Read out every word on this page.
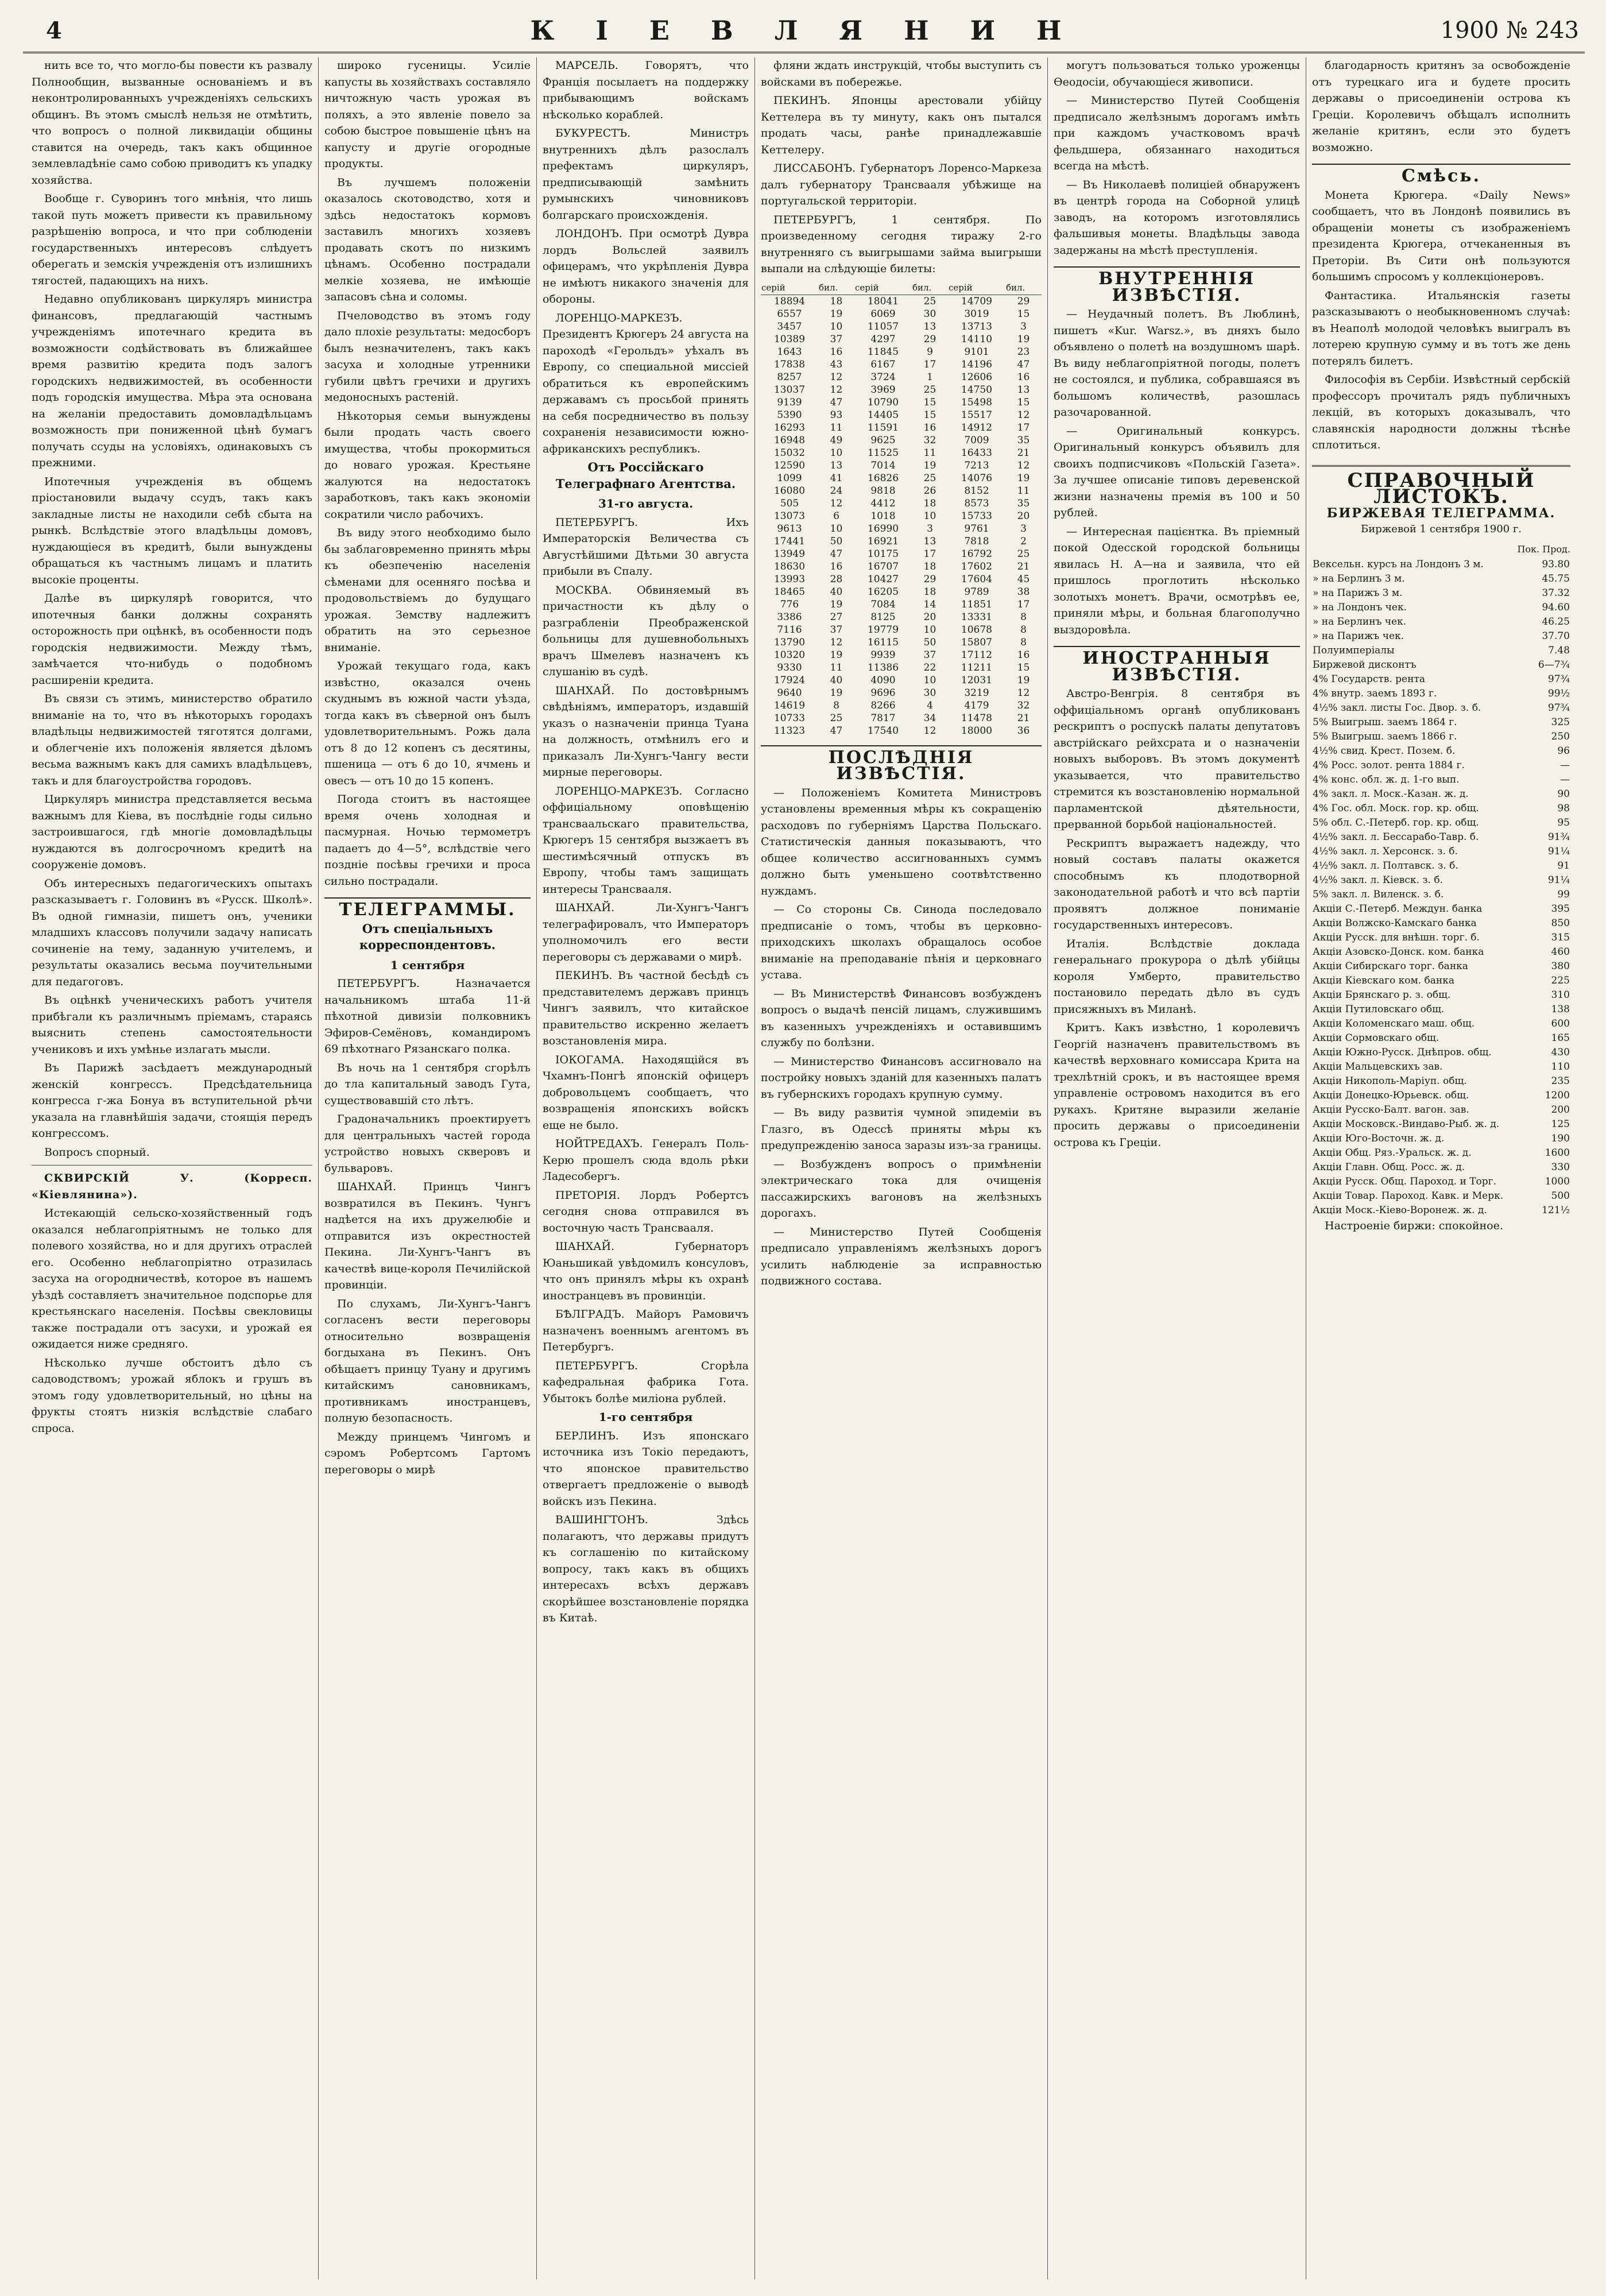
4	К І Е В Л Я Н И Н	1900 № 243

нить все то, что могло-бы повести къ развалу Полнообщин, вызванные основаніемъ и въ неконтролированныхъ учрежденіяхъ сельскихъ общинъ. Въ этомъ смыслѣ нельзя не отмѣтить, что вопросъ о полной ликвидаціи общины ставится на очередь, такъ какъ общинное землевладѣніе само собою приводитъ къ упадку хозяйства.

Вообще г. Суворинъ того мнѣнія, что лишь такой путь можетъ привести къ правильному разрѣшенію вопроса, и что при соблюденіи государственныхъ интересовъ слѣдуетъ оберегать и земскія учрежденія отъ излишнихъ тягостей, падающихъ на нихъ.

Недавно опубликованъ циркуляръ министра финансовъ, предлагающій частнымъ учрежденіямъ ипотечнаго кредита въ возможности содѣйствовать въ ближайшее время развитію кредита подъ залогъ городскихъ недвижимостей, въ особенности подъ городскія имущества. Мѣра эта основана на желаніи предоставить домовладѣльцамъ возможность при пониженной цѣнѣ бумагъ получать ссуды на условіяхъ, одинаковыхъ съ прежними.

Ипотечныя учрежденія въ общемъ пріостановили выдачу ссудъ, такъ какъ закладные листы не находили себѣ сбыта на рынкѣ. Вслѣдствіе этого владѣльцы домовъ, нуждающіеся въ кредитѣ, были вынуждены обращаться къ частнымъ лицамъ и платить высокіе проценты.

Далѣе въ циркулярѣ говорится, что ипотечныя банки должны сохранять осторожность при оцѣнкѣ, въ особенности подъ городскія недвижимости. Между тѣмъ, замѣчается что-нибудь о подобномъ расширеніи кредита.

Въ связи съ этимъ, министерство обратило вниманіе на то, что въ нѣкоторыхъ городахъ владѣльцы недвижимостей тяготятся долгами, и облегченіе ихъ положенія является дѣломъ весьма важнымъ какъ для самихъ владѣльцевъ, такъ и для благоустройства городовъ.

Циркуляръ министра представляется весьма важнымъ для Кіева, въ послѣдніе годы сильно застроившагося, гдѣ многіе домовладѣльцы нуждаются въ долгосрочномъ кредитѣ на сооруженіе домовъ.

Объ интересныхъ педагогическихъ опытахъ разсказываетъ г. Головинъ въ «Русск. Школѣ». Въ одной гимназіи, пишетъ онъ, ученики младшихъ классовъ получили задачу написать сочиненіе на тему, заданную учителемъ, и результаты оказались весьма поучительными для педагоговъ.

Въ оцѣнкѣ ученическихъ работъ учителя прибѣгали къ различнымъ пріемамъ, стараясь выяснить степень самостоятельности учениковъ и ихъ умѣнье излагать мысли.

Въ Парижѣ засѣдаетъ международный женскій конгрессъ. Предсѣдательница конгресса г-жа Бонуа въ вступительной рѣчи указала на главнѣйшія задачи, стоящія передъ конгрессомъ.

Вопросъ спорный.

СКВИРСКІЙ У. (Корресп. «Кіевлянина»).

Истекающій сельско-хозяйственный годъ оказался неблагопріятнымъ не только для полевого хозяйства, но и для другихъ отраслей его. Особенно неблагопріятно отразилась засуха на огородничествѣ, которое въ нашемъ уѣздѣ составляетъ значительное подспорье для крестьянскаго населенія. Посѣвы свекловицы также пострадали отъ засухи, и урожай ея ожидается ниже средняго.

Нѣсколько лучше обстоитъ дѣло съ садоводствомъ; урожай яблокъ и грушъ въ этомъ году удовлетворительный, но цѣны на фрукты стоятъ низкія вслѣдствіе слабаго спроса.

широко гусеницы. Усиліе капусты вь хозяйствахъ составляло ничтожную часть урожая въ поляхъ, а это явленіе повело за собою быстрое повышеніе цѣнъ на капусту и другіе огородные продукты.

Въ лучшемъ положеніи оказалось скотоводство, хотя и здѣсь недостатокъ кормовъ заставилъ многихъ хозяевъ продавать скотъ по низкимъ цѣнамъ. Особенно пострадали мелкіе хозяева, не имѣющіе запасовъ сѣна и соломы.

Пчеловодство въ этомъ году дало плохіе результаты: медосборъ былъ незначителенъ, такъ какъ засуха и холодные утренники губили цвѣтъ гречихи и другихъ медоносныхъ растеній.

Нѣкоторыя семьи вынуждены были продать часть своего имущества, чтобы прокормиться до новаго урожая. Крестьяне жалуются на недостатокъ заработковъ, такъ какъ экономіи сократили число рабочихъ.

Въ виду этого необходимо было бы заблаговременно принять мѣры къ обезпеченію населенія сѣменами для осенняго посѣва и продовольствіемъ до будущаго урожая. Земству надлежитъ обратить на это серьезное вниманіе.

Урожай текущаго года, какъ извѣстно, оказался очень скуднымъ въ южной части уѣзда, тогда какъ въ сѣверной онъ былъ удовлетворительнымъ. Рожь дала отъ 8 до 12 копенъ съ десятины, пшеница — отъ 6 до 10, ячмень и овесъ — отъ 10 до 15 копенъ.

Погода стоитъ въ настоящее время очень холодная и пасмурная. Ночью термометръ падаетъ до 4—5°, вслѣдствіе чего поздніе посѣвы гречихи и проса сильно пострадали.

ТЕЛЕГРАММЫ.
Отъ спеціальныхъ корреспондентовъ.
1 сентября

ПЕТЕРБУРГЪ. Назначается начальникомъ штаба 11-й пѣхотной дивизіи полковникъ Эфиров-Семёновъ, командиромъ 69 пѣхотнаго Рязанскаго полка.

Въ ночь на 1 сентября сгорѣлъ до тла капитальный заводъ Гута, существовавшій сто лѣтъ.

Градоначальникъ проектируетъ для центральныхъ частей города устройство новыхъ скверовъ и бульваровъ.

ШАНХАЙ. Принцъ Чингъ возвратился въ Пекинъ. Чунгъ надѣется на ихъ дружелюбіе и отправится изъ окрестностей Пекина. Ли-Хунгъ-Чангъ въ качествѣ вице-короля Печилійской провинціи.

По слухамъ, Ли-Хунгъ-Чангъ согласенъ вести переговоры относительно возвращенія богдыхана въ Пекинъ. Онъ обѣщаетъ принцу Туану и другимъ китайскимъ сановникамъ, противникамъ иностранцевъ, полную безопасность.

Между принцемъ Чингомъ и сэромъ Робертсомъ Гартомъ переговоры о мирѣ

МАРСЕЛЬ. Говорятъ, что Франція посылаетъ на поддержку прибывающимъ войскамъ нѣсколько кораблей.

БУКУРЕСТЪ. Министръ внутреннихъ дѣлъ разослалъ префектамъ циркуляръ, предписывающій замѣнить румынскихъ чиновниковъ болгарскаго происхожденія.

ЛОНДОНЪ. При осмотрѣ Дувра лордъ Вольслей заявилъ офицерамъ, что укрѣпленія Дувра не имѣютъ никакого значенія для обороны.

ЛОРЕНЦО-МАРКЕЗЪ. Президентъ Крюгеръ 24 августа на пароходѣ «Герольдъ» уѣхалъ въ Европу, со специальной миссіей обратиться къ европейскимъ державамъ съ просьбой принять на себя посредничество въ пользу сохраненія независимости южно-африканскихъ республикъ.

Отъ Россійскаго Телеграфнаго Агентства.
31-го августа.

ПЕТЕРБУРГЪ. Ихъ Императорскія Величества съ Августѣйшими Дѣтьми 30 августа прибыли въ Спалу.

МОСКВА. Обвиняемый въ причастности къ дѣлу о разграбленіи Преображенской больницы для душевнобольныхъ врачъ Шмелевъ назначенъ къ слушанію въ судѣ.

ШАНХАЙ. По достовѣрнымъ свѣдѣніямъ, императоръ, издавшій указъ о назначеніи принца Туана на должность, отмѣнилъ его и приказалъ Ли-Хунгъ-Чангу вести мирные переговоры.

ЛОРЕНЦО-МАРКЕЗЪ. Согласно оффиціальному оповѣщенію трансваальскаго правительства, Крюгеръ 15 сентября вызжаетъ въ шестимѣсячный отпускъ въ Европу, чтобы тамъ защищать интересы Трансвааля.

ШАНХАЙ. Ли-Хунгъ-Чангъ телеграфировалъ, что Императоръ уполномочилъ его вести переговоры съ державами о мирѣ.

ПЕКИНЪ. Въ частной бесѣдѣ съ представителемъ державъ принцъ Чингъ заявилъ, что китайское правительство искренно желаетъ возстановленія мира.

ІОКОГАМА. Находящійся въ Чхамнъ-Понгѣ японскій офицеръ добровольцемъ сообщаетъ, что возвращенія японскихъ войскъ еще не было.

НОЙТРЕДАХЪ. Генералъ Поль-Керю прошелъ сюда вдоль рѣки Ладесобергъ.

ПРЕТОРІЯ. Лордъ Робертсъ сегодня снова отправился въ восточную часть Трансвааля.

ШАНХАЙ. Губернаторъ Юаньшикай увѣдомилъ консуловъ, что онъ принялъ мѣры къ охранѣ иностранцевъ въ провинціи.

БѢЛГРАДЪ. Майоръ Рамовичъ назначенъ военнымъ агентомъ въ Петербургъ.

ПЕТЕРБУРГЪ. Сгорѣла кафедральная фабрика Гота. Убытокъ болѣе миліона рублей.

1-го сентября

БЕРЛИНЪ. Изъ японскаго источника изъ Токіо передаютъ, что японское правительство отвергаетъ предложеніе о выводѣ войскъ изъ Пекина.

ВАШИНГТОНЪ. Здѣсь полагаютъ, что державы придутъ къ соглашенію по китайскому вопросу, такъ какъ въ общихъ интересахъ всѣхъ державъ скорѣйшее возстановленіе порядка въ Китаѣ.

фляни ждать инструкцій, чтобы выступить съ войсками въ побережье.

ПЕКИНЪ. Японцы арестовали убійцу Кеттелера въ ту минуту, какъ онъ пытался продать часы, ранѣе принадлежавшіе Кеттелеру.

ЛИССАБОНЪ. Губернаторъ Лоренсо-Маркеза далъ губернатору Трансвааля убѣжище на португальской территоріи.

ПЕТЕРБУРГЪ, 1 сентября. По произведенному сегодня тиражу 2-го внутренняго съ выигрышами займа выигрыши выпали на слѣдующіе билеты:

серій	бил.	серій	бил.	серій	бил.
18894	18	18041	25	14709	29
6557	19	6069	30	3019	15
3457	10	11057	13	13713	3
10389	37	4297	29	14110	19
1643	16	11845	9	9101	23
17838	43	6167	17	14196	47
8257	12	3724	1	12606	16
13037	12	3969	25	14750	13
9139	47	10790	15	15498	15
5390	93	14405	15	15517	12
16293	11	11591	16	14912	17
16948	49	9625	32	7009	35
15032	10	11525	11	16433	21
12590	13	7014	19	7213	12
1099	41	16826	25	14076	19
16080	24	9818	26	8152	11
505	12	4412	18	8573	35
13073	6	1018	10	15733	20
9613	10	16990	3	9761	3
17441	50	16921	13	7818	2
13949	47	10175	17	16792	25
18630	16	16707	18	17602	21
13993	28	10427	29	17604	45
18465	40	16205	18	9789	38
776	19	7084	14	11851	17
3386	27	8125	20	13331	8
7116	37	19779	10	10678	8
13790	12	16115	50	15807	8
10320	19	9939	37	17112	16
9330	11	11386	22	11211	15
17924	40	4090	10	12031	19
9640	19	9696	30	3219	12
14619	8	8266	4	4179	32
10733	25	7817	34	11478	21
11323	47	17540	12	18000	36
ПОСЛѢДНІЯ ИЗВѢСТІЯ.

— Положеніемъ Комитета Министровъ установлены временныя мѣры къ сокращенію расходовъ по губерніямъ Царства Польскаго. Статистическія данныя показываютъ, что общее количество ассигнованныхъ суммъ должно быть уменьшено соотвѣтственно нуждамъ.

— Со стороны Св. Синода последовало предписаніе о томъ, чтобы въ церковно-приходскихъ школахъ обращалось особое вниманіе на преподаваніе пѣнія и церковнаго устава.

— Въ Министерствѣ Финансовъ возбужденъ вопросъ о выдачѣ пенсій лицамъ, служившимъ въ казенныхъ учрежденіяхъ и оставившимъ службу по болѣзни.

— Министерство Финансовъ ассигновало на постройку новыхъ зданій для казенныхъ палатъ въ губернскихъ городахъ крупную сумму.

— Въ виду развитія чумной эпидеміи въ Глазго, въ Одессѣ приняты мѣры къ предупрежденію заноса заразы изъ-за границы.

— Возбужденъ вопросъ о примѣненіи электрическаго тока для очищенія пассажирскихъ вагоновъ на желѣзныхъ дорогахъ.

— Министерство Путей Сообщенія предписало управленіямъ желѣзныхъ дорогъ усилить наблюденіе за исправностью подвижного состава.

могутъ пользоваться только уроженцы Ѳеодосіи, обучающіеся живописи.

— Министерство Путей Сообщенія предписало желѣзнымъ дорогамъ имѣть при каждомъ участковомъ врачѣ фельдшера, обязаннаго находиться всегда на мѣстѣ.

— Въ Николаевѣ полиціей обнаруженъ въ центрѣ города на Соборной улицѣ заводъ, на которомъ изготовлялись фальшивыя монеты. Владѣльцы завода задержаны на мѣстѣ преступленія.

ВНУТРЕННІЯ ИЗВѢСТІЯ.

— Неудачный полетъ. Въ Люблинѣ, пишетъ «Kur. Warsz.», въ дняхъ было объявлено о полетѣ на воздушномъ шарѣ. Въ виду неблагопріятной погоды, полетъ не состоялся, и публика, собравшаяся въ большомъ количествѣ, разошлась разочарованной.

— Оригинальный конкурсъ. Оригинальный конкурсъ объявилъ для своихъ подписчиковъ «Польскій Газета». За лучшее описаніе типовъ деревенской жизни назначены премія въ 100 и 50 рублей.

— Интересная пацієнтка. Въ пріемный покой Одесской городской больницы явилась Н. А—на и заявила, что ей пришлось проглотить нѣсколько золотыхъ монетъ. Врачи, осмотрѣвъ ее, приняли мѣры, и больная благополучно выздоровѣла.

ИНОСТРАННЫЯ ИЗВѢСТІЯ.

Австро-Венгрія. 8 сентября въ оффиціальномъ органѣ опубликованъ рескриптъ о роспускѣ палаты депутатовъ австрійскаго рейхсрата и о назначеніи новыхъ выборовъ. Въ этомъ документѣ указывается, что правительство стремится къ возстановленію нормальной парламентской дѣятельности, прерванной борьбой національностей.

Рескриптъ выражаетъ надежду, что новый составъ палаты окажется способнымъ къ плодотворной законодательной работѣ и что всѣ партіи проявятъ должное пониманіе государственныхъ интересовъ.

Италія. Вслѣдствіе доклада генеральнаго прокурора о дѣлѣ убійцы короля Умберто, правительство постановило передать дѣло въ судъ присяжныхъ въ Миланѣ.

Критъ. Какъ извѣстно, 1 королевичъ Георгій назначенъ правительствомъ въ качествѣ верховнаго комиссара Крита на трехлѣтній срокъ, и въ настоящее время управленіе островомъ находится въ его рукахъ. Критяне выразили желаніе просить державы о присоединеніи острова къ Греціи.

благодарность критянъ за освобожденіе отъ турецкаго ига и будете просить державы о присоединеніи острова къ Греціи. Королевичъ обѣщалъ исполнить желаніе критянъ, если это будетъ возможно.

Смѣсь.

Монета Крюгера. «Daily News» сообщаетъ, что въ Лондонѣ появились въ обращеніи монеты съ изображеніемъ президента Крюгера, отчеканенныя въ Преторіи. Въ Сити онѣ пользуются большимъ спросомъ у коллекціонеровъ.

Фантастика. Итальянскія газеты разсказываютъ о необыкновенномъ случаѣ: въ Неаполѣ молодой человѣкъ выигралъ въ лотерею крупную сумму и въ тотъ же день потерялъ билетъ.

Философія въ Сербіи. Извѣстный сербскій профессоръ прочиталъ рядъ публичныхъ лекцій, въ которыхъ доказывалъ, что славянскія народности должны тѣснѣе сплотиться.

СПРАВОЧНЫЙ ЛИСТОКЪ.
БИРЖЕВАЯ ТЕЛЕГРАММА.
Биржевой 1 сентября 1900 г.
Пок. Прод.
Вексельн. курсъ на Лондонъ 3 м.	93.80
» на Берлинъ 3 м.	45.75
» на Парижъ 3 м.	37.32
» на Лондонъ чек.	94.60
» на Берлинъ чек.	46.25
» на Парижъ чек.	37.70
Полуимперіалы	7.48
Биржевой дисконтъ	6—7¾
4% Государств. рента	97¾
4% внутр. заемъ 1893 г.	99½
4½% закл. листы Гос. Двор. з. б.	97¾
5% Выигрыш. заемъ 1864 г.	325
5% Выигрыш. заемъ 1866 г.	250
4½% свид. Крест. Позем. б.	96
4% Росс. золот. рента 1884 г.	—
4% конс. обл. ж. д. 1-го вып.	—
4% закл. л. Моск.-Казан. ж. д.	90
4% Гос. обл. Моск. гор. кр. общ.	98
5% обл. С.-Петерб. гор. кр. общ.	95
4½% закл. л. Бессарабо-Тавр. б.	91¾
4½% закл. л. Херсонск. з. б.	91¼
4½% закл. л. Полтавск. з. б.	91
4½% закл. л. Кіевск. з. б.	91¼
5% закл. л. Виленск. з. б.	99
Акціи С.-Петерб. Междун. банка	395
Акціи Волжско-Камскаго банка	850
Акціи Русск. для внѣшн. торг. б.	315
Акціи Азовско-Донск. ком. банка	460
Акціи Сибирскаго торг. банка	380
Акціи Кіевскаго ком. банка	225
Акціи Брянскаго р. з. общ.	310
Акціи Путиловскаго общ.	138
Акціи Коломенскаго маш. общ.	600
Акціи Сормовскаго общ.	165
Акціи Южно-Русск. Днѣпров. общ.	430
Акціи Мальцевскихъ зав.	110
Акціи Никополь-Маріуп. общ.	235
Акціи Донецко-Юрьевск. общ.	1200
Акціи Русско-Балт. вагон. зав.	200
Акціи Московск.-Виндаво-Рыб. ж. д.	125
Акціи Юго-Восточн. ж. д.	190
Акціи Общ. Ряз.-Уральск. ж. д.	1600
Акціи Главн. Общ. Росс. ж. д.	330
Акціи Русск. Общ. Пароход. и Торг.	1000
Акціи Товар. Пароход. Кавк. и Мерк.	500
Акціи Моск.-Кіево-Воронеж. ж. д.	121½

Настроеніе биржи: спокойное.
